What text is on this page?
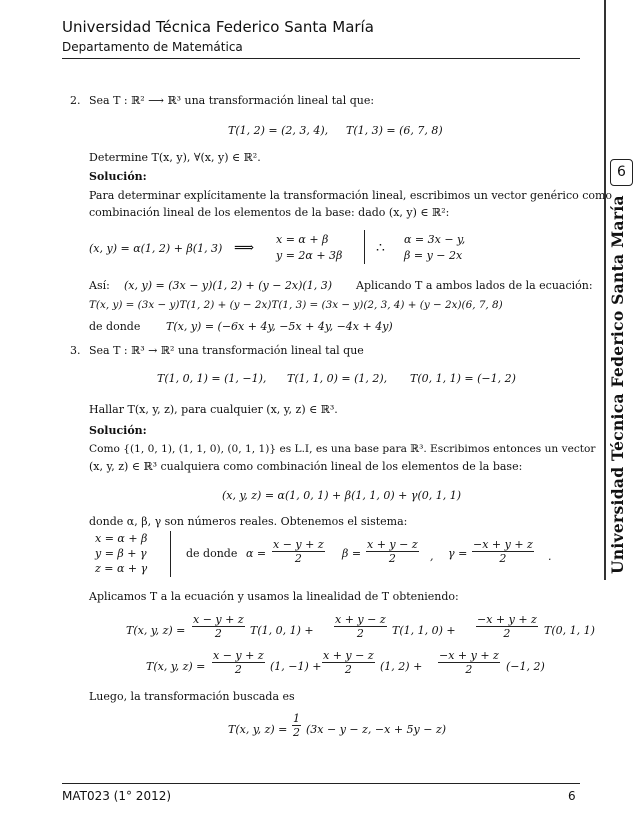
Universidad Técnica Federico Santa María
Departamento de Matemática
6
Universidad Técnica Federico Santa María
2. Sea T : ℝ² ⟶ ℝ³ una transformación lineal tal que:
T(1, 2) = (2, 3, 4), T(1, 3) = (6, 7, 8)
Determine T(x, y), ∀(x, y) ∈ ℝ².
Solución:
Para determinar explícitamente la transformación lineal, escribimos un vector genérico como
combinación lineal de los elementos de la base: dado (x, y) ∈ ℝ²:
(x, y) = α(1, 2) + β(1, 3) ⟹
x = α + β
y = 2α + 3β ∴
α = 3x − y,
β = y − 2x
Así: (x, y) = (3x − y)(1, 2) + (y − 2x)(1, 3) Aplicando T a ambos lados de la ecuación:
T(x, y) = (3x − y)T(1, 2) + (y − 2x)T(1, 3) = (3x − y)(2, 3, 4) + (y − 2x)(6, 7, 8)
de donde T(x, y) = (−6x + 4y, −5x + 4y, −4x + 4y)
3. Sea T : ℝ³ → ℝ² una transformación lineal tal que
T(1, 0, 1) = (1, −1), T(1, 1, 0) = (1, 2), T(0, 1, 1) = (−1, 2)
Hallar T(x, y, z), para cualquier (x, y, z) ∈ ℝ³.
Solución:
Como {(1, 0, 1), (1, 1, 0), (0, 1, 1)} es L.I, es una base para ℝ³. Escribimos entonces un vector
(x, y, z) ∈ ℝ³ cualquiera como combinación lineal de los elementos de la base:
(x, y, z) = α(1, 0, 1) + β(1, 1, 0) + γ(0, 1, 1)
donde α, β, γ son números reales. Obtenemos el sistema:
x = α + β
y = β + γ
z = α + γ
de donde $\alpha = \frac{x - y + z}{2}$ $\beta = \frac{x + y - z}{2}$ , $\gamma = \frac{-x + y + z}{2}$ .
Aplicamos T a la ecuación y usamos la linealidad de T obteniendo:
T(x, y, $z) = \frac{x - y + z}{2} T(1$, 0, $1) + \frac{x + y - z}{2} T(1$, 1, $0) + \frac{-x + y + z}{2} T(0$, 1, 1)
T(x, y, $z) = \frac{x - y + z}{2} (1$, $-1) + \frac{x + y - z}{2} (1$, $2) + \frac{-x + y + z}{2} (-1$, 2)
Luego, la transformación buscada es
T(x, y, $z) = \frac{1}{2} (3x - y - z$, −x + 5y − z)
MAT023 (1° 2012)	6
